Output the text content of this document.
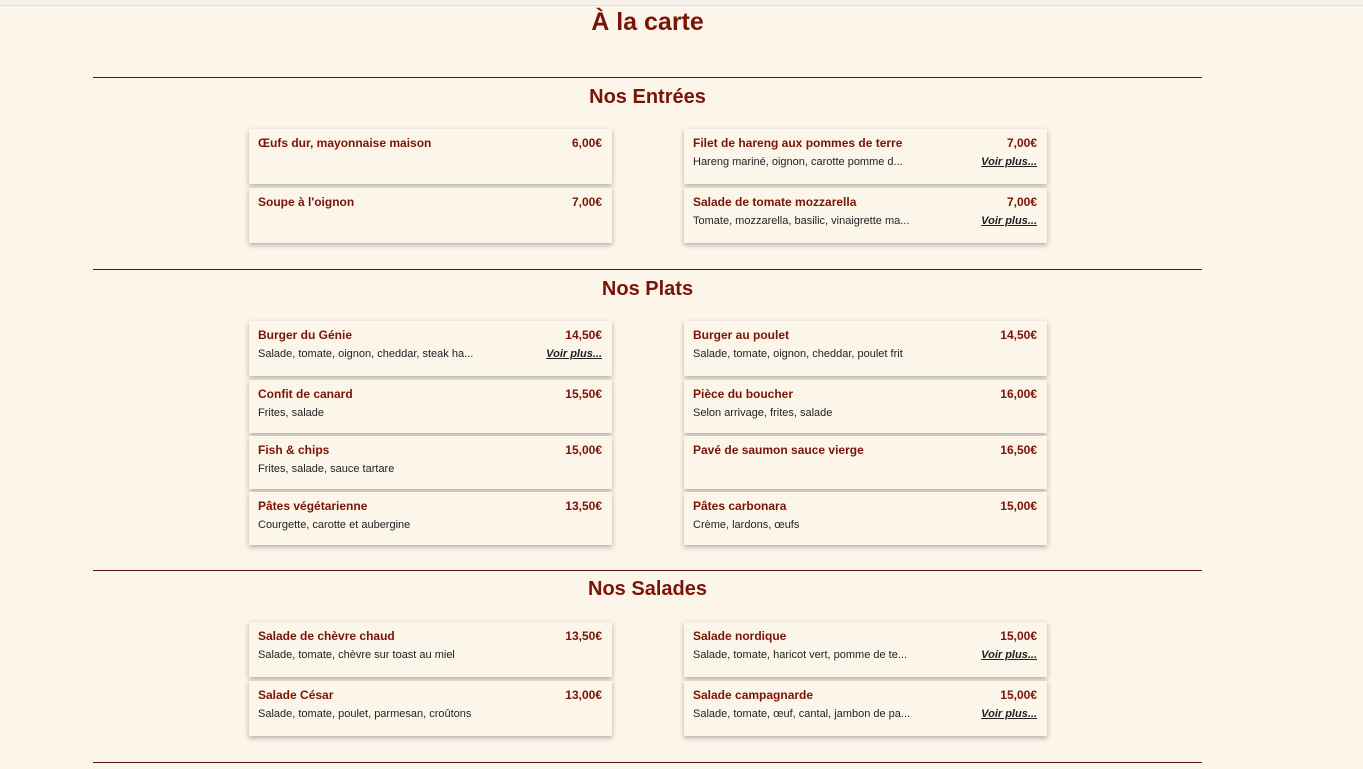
À la carte
Nos Entrées
Œufs dur, mayonnaise maison	6,00€	Filet de hareng aux pommes de terre	7,00€
Hareng mariné, oignon, carotte pomme d...	Voir plus...
Soupe à l'oignon	7,00€	Salade de tomate mozzarella	7,00€
Tomate, mozzarella, basilic, vinaigrette ma...	Voir plus...
Nos Plats
Burger du Génie	14,50€
Salade, tomate, oignon, cheddar, steak ha...	Voir plus...
Burger au poulet	14,50€
Salade, tomate, oignon, cheddar, poulet frit
Confit de canard	15,50€
Frites, salade
Pièce du boucher	16,00€
Selon arrivage, frites, salade
Fish & chips	15,00€
Frites, salade, sauce tartare
Pavé de saumon sauce vierge	16,50€
Pâtes végétarienne	13,50€
Courgette, carotte et aubergine
Pâtes carbonara	15,00€
Crème, lardons, œufs
Nos Salades
Salade de chèvre chaud	13,50€
Salade, tomate, chèvre sur toast au miel
Salade nordique	15,00€
Salade, tomate, haricot vert, pomme de te...	Voir plus...
Salade César	13,00€
Salade, tomate, poulet, parmesan, croûtons
Salade campagnarde	15,00€
Salade, tomate, œuf, cantal, jambon de pa...	Voir plus...
